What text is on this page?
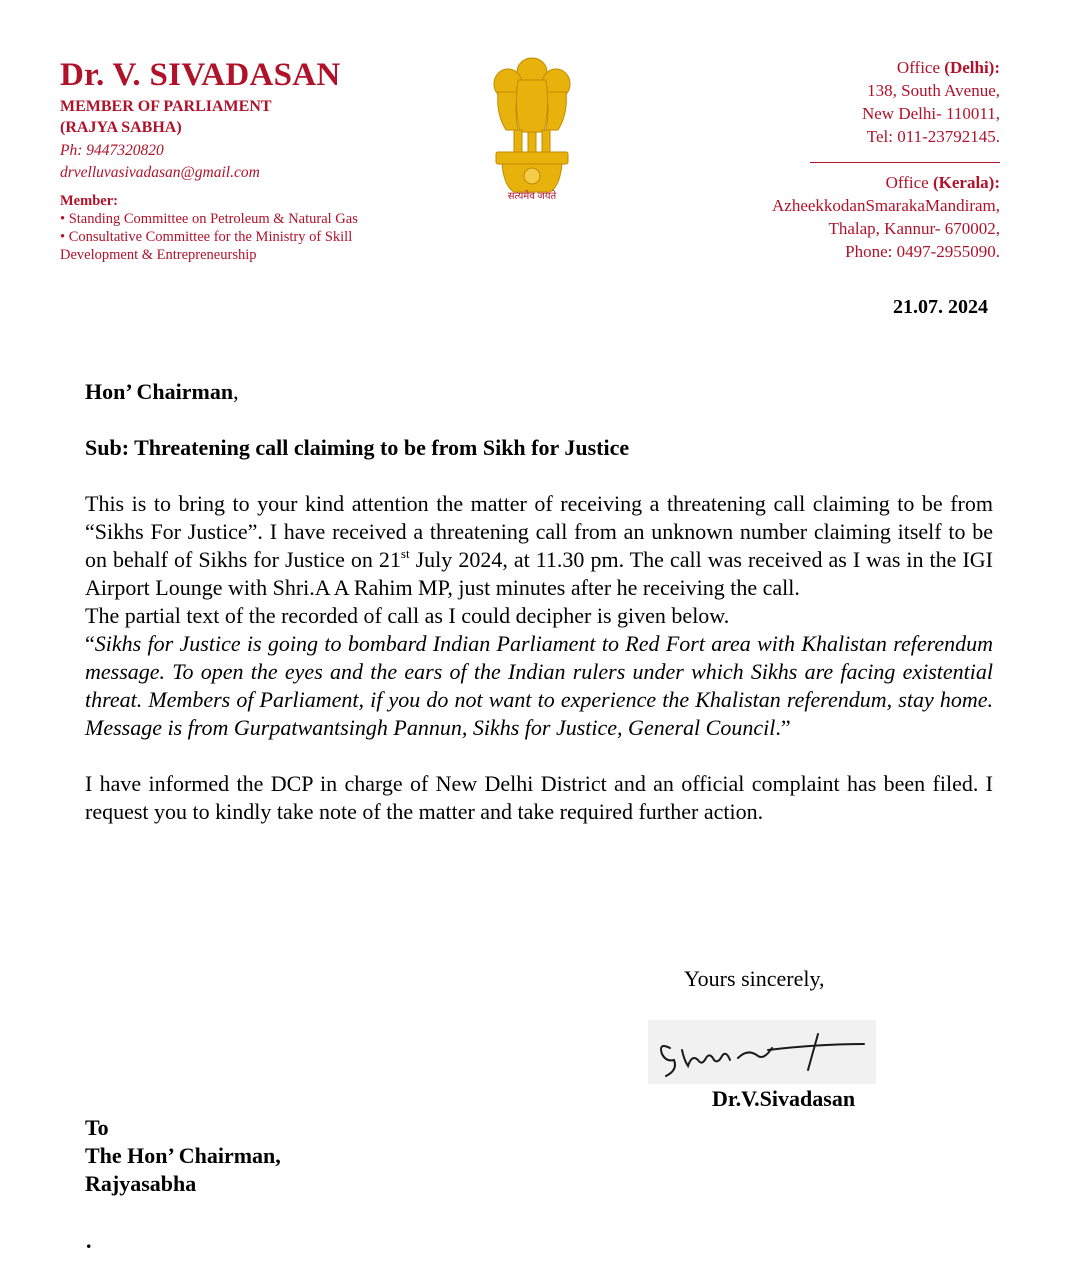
Dr. V. SIVADASAN
MEMBER OF PARLIAMENT
(RAJYA SABHA)
Ph: 9447320820
drvelluvasivadasan@gmail.com
Member:
• Standing Committee on Petroleum & Natural Gas
• Consultative Committee for the Ministry of Skill Development & Entrepreneurship
सत्यमेव जयते
Office (Delhi):
138, South Avenue,
New Delhi- 110011,
Tel: 011-23792145.
Office (Kerala):
AzheekkodanSmarakaMandiram,
Thalap, Kannur- 670002,
Phone: 0497-2955090.
21.07. 2024

Hon’ Chairman,

Sub: Threatening call claiming to be from Sikh for Justice

This is to bring to your kind attention the matter of receiving a threatening call claiming to be from “Sikhs For Justice”. I have received a threatening call from an unknown number claiming itself to be on behalf of Sikhs for Justice on 21st July 2024, at 11.30 pm. The call was received as I was in the IGI Airport Lounge with Shri.A A Rahim MP, just minutes after he receiving the call.

The partial text of the recorded of call as I could decipher is given below.

“Sikhs for Justice is going to bombard Indian Parliament to Red Fort area with Khalistan referendum message. To open the eyes and the ears of the Indian rulers under which Sikhs are facing existential threat. Members of Parliament, if you do not want to experience the Khalistan referendum, stay home. Message is from Gurpatwantsingh Pannun, Sikhs for Justice, General Council.”

I have informed the DCP in charge of New Delhi District and an official complaint has been filed. I request you to kindly take note of the matter and take required further action.

Yours sincerely,
Dr.V.Sivadasan
To
The Hon’ Chairman,
Rajyasabha
.
